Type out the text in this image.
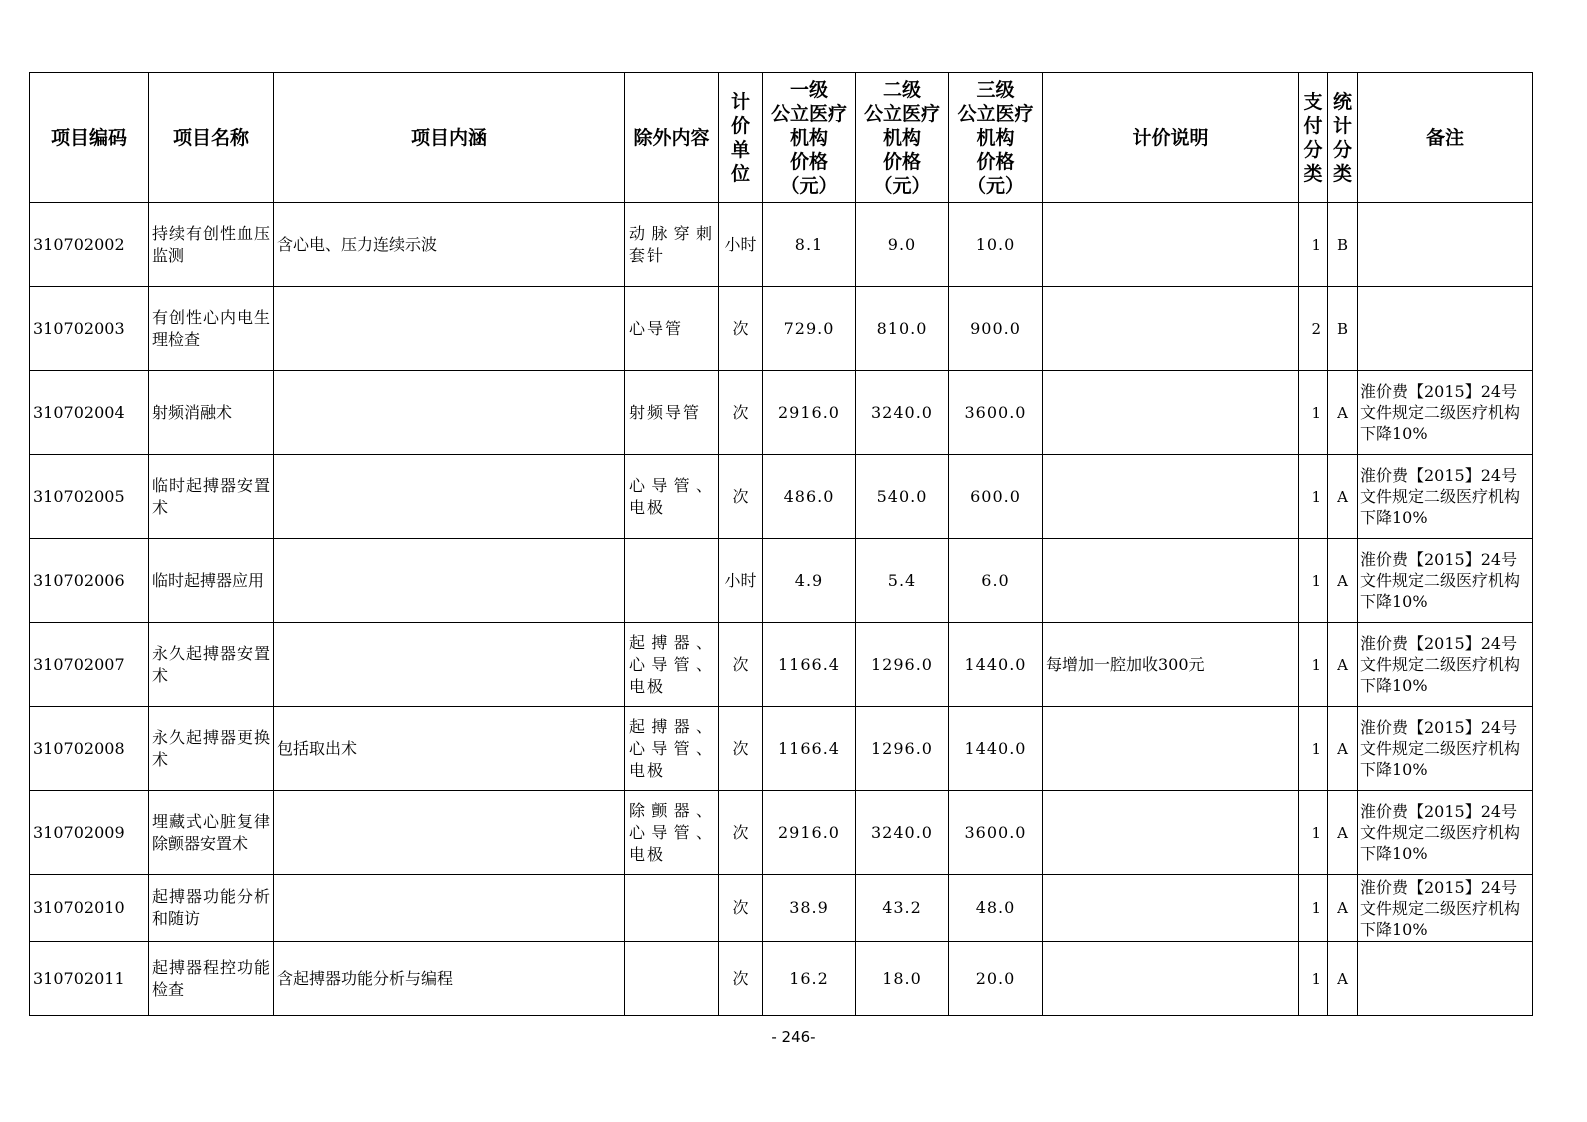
项目编码	项目名称	项目内涵	除外内容	计
价
单
位	一级
公立医疗
机构
价格
（元）	二级
公立医疗
机构
价格
（元）	三级
公立医疗
机构
价格
（元）	计价说明	支
付
分
类	统
计
分
类	备注
310702002	持续有创性血压监测	含心电、压力连续示波	动脉穿刺套针	小时	8.1	9.0	10.0		1	B	
310702003	有创性心内电生理检查		心导管	次	729.0	810.0	900.0		2	B	
310702004	射频消融术		射频导管	次	2916.0	3240.0	3600.0		1	A	淮价费【2015】24号文件规定二级医疗机构下降10%
310702005	临时起搏器安置术		心导管、电极	次	486.0	540.0	600.0		1	A	淮价费【2015】24号文件规定二级医疗机构下降10%
310702006	临时起搏器应用			小时	4.9	5.4	6.0		1	A	淮价费【2015】24号文件规定二级医疗机构下降10%
310702007	永久起搏器安置术		起搏器、心导管、电极	次	1166.4	1296.0	1440.0	每增加一腔加收300元	1	A	淮价费【2015】24号文件规定二级医疗机构下降10%
310702008	永久起搏器更换术	包括取出术	起搏器、心导管、电极	次	1166.4	1296.0	1440.0		1	A	淮价费【2015】24号文件规定二级医疗机构下降10%
310702009	埋藏式心脏复律除颤器安置术		除颤器、心导管、电极	次	2916.0	3240.0	3600.0		1	A	淮价费【2015】24号文件规定二级医疗机构下降10%
310702010	起搏器功能分析和随访			次	38.9	43.2	48.0		1	A	淮价费【2015】24号文件规定二级医疗机构下降10%
310702011	起搏器程控功能检查	含起搏器功能分析与编程		次	16.2	18.0	20.0		1	A	
- 246-
